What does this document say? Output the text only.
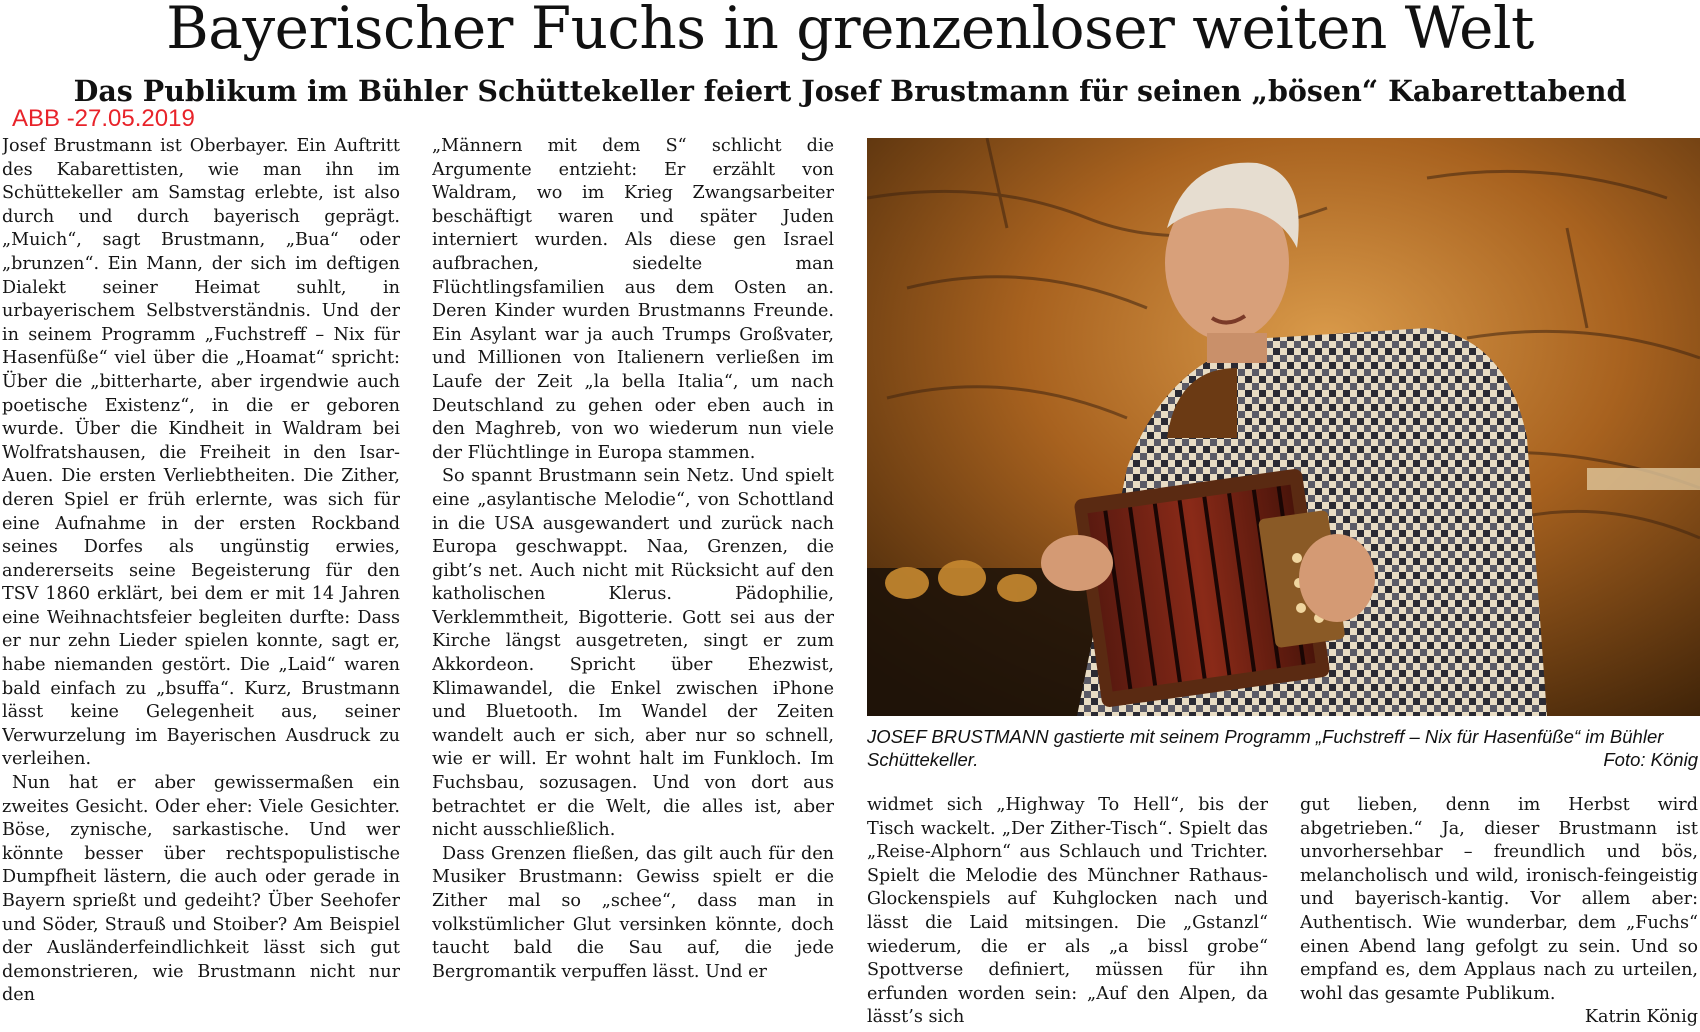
Bayerischer Fuchs in grenzenloser weiten Welt
Das Publikum im Bühler Schüttekeller feiert Josef Brustmann für seinen „bösen“ Kabarettabend
ABB -27.05.2019

Josef Brustmann ist Oberbayer. Ein Auftritt des Kabarettisten, wie man ihn im Schüttekeller am Samstag erlebte, ist also durch und durch bayerisch geprägt. „Muich“, sagt Brustmann, „Bua“ oder „brunzen“. Ein Mann, der sich im deftigen Dialekt seiner Heimat suhlt, in urbayerischem Selbstverständnis. Und der in seinem Programm „Fuchstreff – Nix für Hasenfüße“ viel über die „Hoamat“ spricht: Über die „bitterharte, aber irgendwie auch poetische Existenz“, in die er geboren wurde. Über die Kindheit in Waldram bei Wolfratshausen, die Freiheit in den Isar-Auen. Die ersten Verliebtheiten. Die Zither, deren Spiel er früh erlernte, was sich für eine Aufnahme in der ersten Rockband seines Dorfes als ungünstig erwies, andererseits seine Begeisterung für den TSV 1860 erklärt, bei dem er mit 14 Jahren eine Weihnachtsfeier begleiten durfte: Dass er nur zehn Lieder spielen konnte, sagt er, habe niemanden gestört. Die „Laid“ waren bald einfach zu „bsuffa“. Kurz, Brustmann lässt keine Gelegenheit aus, seiner Verwurzelung im Bayerischen Ausdruck zu verleihen.

Nun hat er aber gewissermaßen ein zweites Gesicht. Oder eher: Viele Gesichter. Böse, zynische, sarkastische. Und wer könnte besser über rechtspopulistische Dumpfheit lästern, die auch oder gerade in Bayern sprießt und gedeiht? Über Seehofer und Söder, Strauß und Stoiber? Am Beispiel der Ausländerfeindlichkeit lässt sich gut demonstrieren, wie Brustmann nicht nur den

„Männern mit dem S“ schlicht die Argumente entzieht: Er erzählt von Waldram, wo im Krieg Zwangsarbeiter beschäftigt waren und später Juden interniert wurden. Als diese gen Israel aufbrachen, siedelte man Flüchtlingsfamilien aus dem Osten an. Deren Kinder wurden Brustmanns Freunde. Ein Asylant war ja auch Trumps Großvater, und Millionen von Italienern verließen im Laufe der Zeit „la bella Italia“, um nach Deutschland zu gehen oder eben auch in den Maghreb, von wo wiederum nun viele der Flüchtlinge in Europa stammen.

So spannt Brustmann sein Netz. Und spielt eine „asylantische Melodie“, von Schottland in die USA ausgewandert und zurück nach Europa geschwappt. Naa, Grenzen, die gibt’s net. Auch nicht mit Rücksicht auf den katholischen Klerus. Pädophilie, Verklemmtheit, Bigotterie. Gott sei aus der Kirche längst ausgetreten, singt er zum Akkordeon. Spricht über Ehezwist, Klimawandel, die Enkel zwischen iPhone und Bluetooth. Im Wandel der Zeiten wandelt auch er sich, aber nur so schnell, wie er will. Er wohnt halt im Funkloch. Im Fuchsbau, sozusagen. Und von dort aus betrachtet er die Welt, die alles ist, aber nicht ausschließlich.

Dass Grenzen fließen, das gilt auch für den Musiker Brustmann: Gewiss spielt er die Zither mal so „schee“, dass man in volkstümlicher Glut versinken könnte, doch taucht bald die Sau auf, die jede Bergromantik verpuffen lässt. Und er

JOSEF BRUSTMANN gastierte mit seinem Programm „Fuchstreff – Nix für Hasenfüße“ im Bühler Schüttekeller.	Foto: König

widmet sich „Highway To Hell“, bis der Tisch wackelt. „Der Zither-Tisch“. Spielt das „Reise-Alphorn“ aus Schlauch und Trichter. Spielt die Melodie des Münchner Rathaus-Glockenspiels auf Kuhglocken nach und lässt die Laid mitsingen. Die „Gstanzl“ wiederum, die er als „a bissl grobe“ Spottverse definiert, müssen für ihn erfunden worden sein: „Auf den Alpen, da lässt’s sich

gut lieben, denn im Herbst wird abgetrieben.“ Ja, dieser Brustmann ist unvorhersehbar – freundlich und bös, melancholisch und wild, ironisch-feingeistig und bayerisch-kantig. Vor allem aber: Authentisch. Wie wunderbar, dem „Fuchs“ einen Abend lang gefolgt zu sein. Und so empfand es, dem Applaus nach zu urteilen, wohl das gesamte Publikum.

Katrin König
